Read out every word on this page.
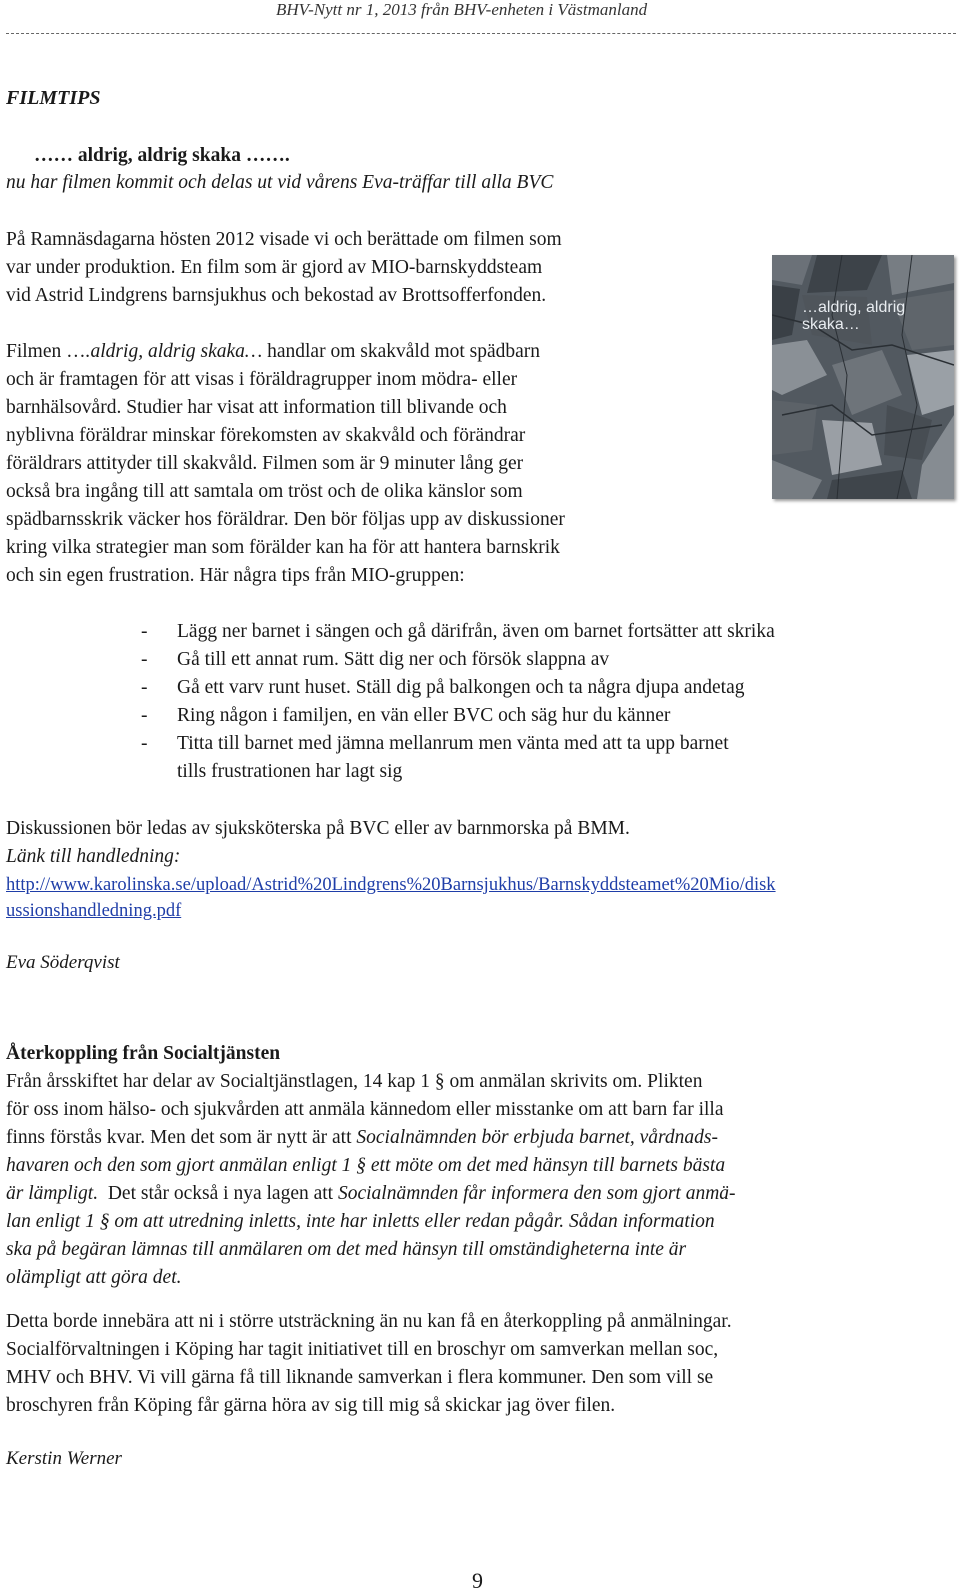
BHV-Nytt nr 1, 2013 från BHV-enheten i Västmanland
FILMTIPS
…… aldrig, aldrig skaka …….
nu har filmen kommit och delas ut vid vårens Eva-träffar till alla BVC
På Ramnäsdagarna hösten 2012 visade vi och berättade om filmen som
var under produktion. En film som är gjord av MIO-barnskyddsteam
vid Astrid Lindgrens barnsjukhus och bekostad av Brottsofferfonden.
Filmen ….aldrig, aldrig skaka… handlar om skakvåld mot spädbarn
och är framtagen för att visas i föräldragrupper inom mödra- eller
barnhälsovård. Studier har visat att information till blivande och
nyblivna föräldrar minskar förekomsten av skakvåld och förändrar
föräldrars attityder till skakvåld. Filmen som är 9 minuter lång ger
också bra ingång till att samtala om tröst och de olika känslor som
spädbarnsskrik väcker hos föräldrar. Den bör följas upp av diskussioner
kring vilka strategier man som förälder kan ha för att hantera barnskrik
och sin egen frustration. Här några tips från MIO-gruppen:
…aldrig, aldrig
skaka…
- Lägg ner barnet i sängen och gå därifrån, även om barnet fortsätter att skrika
- Gå till ett annat rum. Sätt dig ner och försök slappna av
- Gå ett varv runt huset. Ställ dig på balkongen och ta några djupa andetag
- Ring någon i familjen, en vän eller BVC och säg hur du känner
- Titta till barnet med jämna mellanrum men vänta med att ta upp barnet
tills frustrationen har lagt sig
Diskussionen bör ledas av sjuksköterska på BVC eller av barnmorska på BMM.
Länk till handledning:
http://www.karolinska.se/upload/Astrid%20Lindgrens%20Barnsjukhus/Barnskyddsteamet%20Mio/disk
ussionshandledning.pdf
Eva Söderqvist
Återkoppling från Socialtjänsten
Från årsskiftet har delar av Socialtjänstlagen, 14 kap 1 § om anmälan skrivits om. Plikten
för oss inom hälso- och sjukvården att anmäla kännedom eller misstanke om att barn far illa
finns förstås kvar. Men det som är nytt är att Socialnämnden bör erbjuda barnet, vårdnads-
havaren och den som gjort anmälan enligt 1 § ett möte om det med hänsyn till barnets bästa
är lämpligt.  Det står också i nya lagen att Socialnämnden får informera den som gjort anmä-
lan enligt 1 § om att utredning inletts, inte har inletts eller redan pågår. Sådan information
ska på begäran lämnas till anmälaren om det med hänsyn till omständigheterna inte är
olämpligt att göra det.
Detta borde innebära att ni i större utsträckning än nu kan få en återkoppling på anmälningar.
Socialförvaltningen i Köping har tagit initiativet till en broschyr om samverkan mellan soc,
MHV och BHV. Vi vill gärna få till liknande samverkan i flera kommuner. Den som vill se
broschyren från Köping får gärna höra av sig till mig så skickar jag över filen.
Kerstin Werner
9
